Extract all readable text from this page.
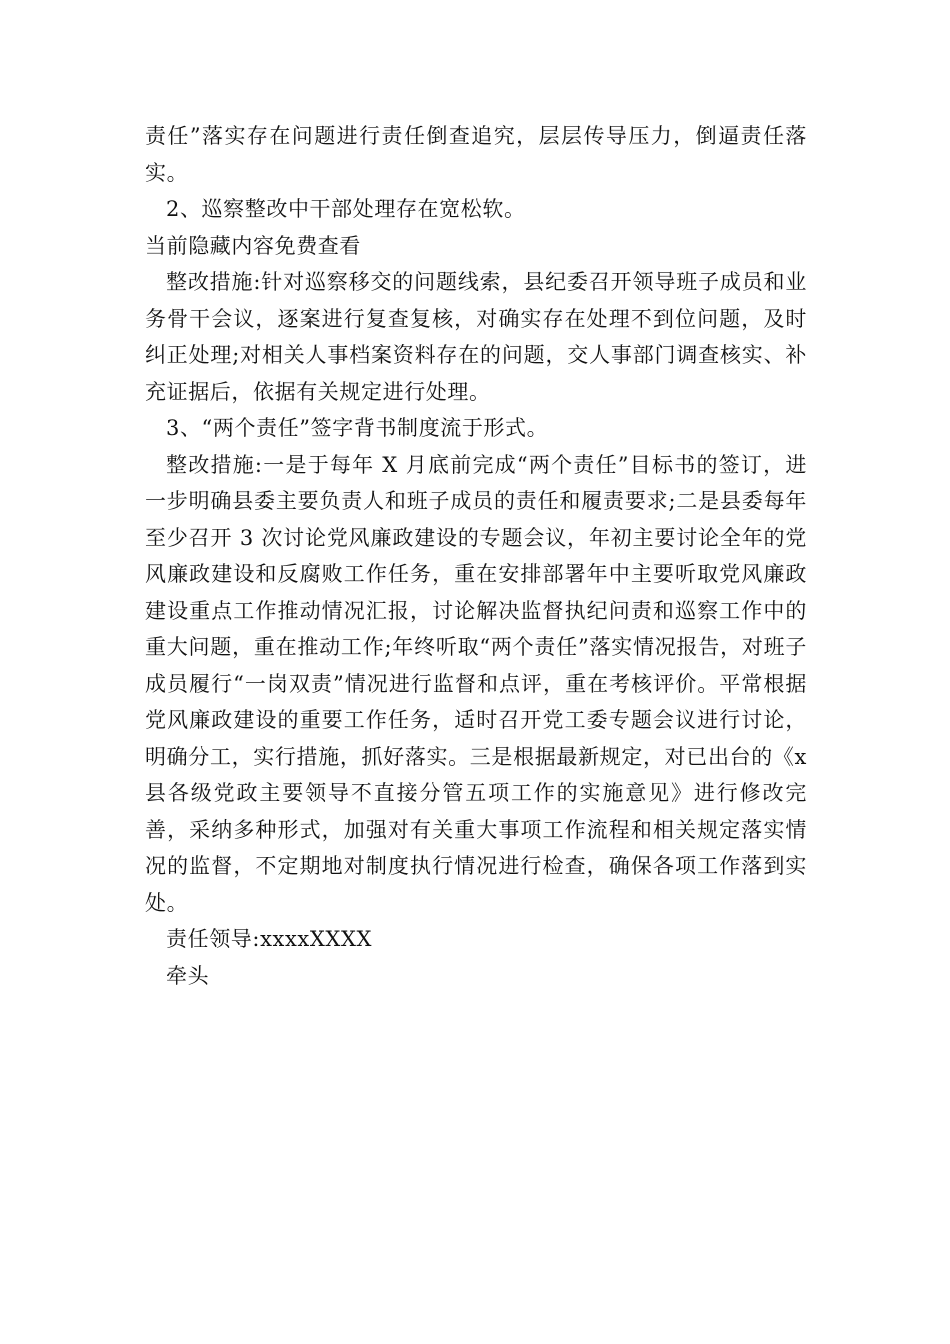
责任”落实存在问题进行责任倒查追究，层层传导压力，倒逼责任落实。

2、巡察整改中干部处理存在宽松软。

当前隐藏内容免费查看

整改措施:针对巡察移交的问题线索，县纪委召开领导班子成员和业务骨干会议，逐案进行复查复核，对确实存在处理不到位问题，及时纠正处理;对相关人事档案资料存在的问题，交人事部门调查核实、补充证据后，依据有关规定进行处理。

3、“两个责任”签字背书制度流于形式。

整改措施:一是于每年 X 月底前完成“两个责任”目标书的签订，进一步明确县委主要负责人和班子成员的责任和履责要求;二是县委每年至少召开 3 次讨论党风廉政建设的专题会议，年初主要讨论全年的党风廉政建设和反腐败工作任务，重在安排部署年中主要听取党风廉政建设重点工作推动情况汇报，讨论解决监督执纪问责和巡察工作中的重大问题，重在推动工作;年终听取“两个责任”落实情况报告，对班子成员履行“一岗双责”情况进行监督和点评，重在考核评价。平常根据党风廉政建设的重要工作任务，适时召开党工委专题会议进行讨论，明确分工，实行措施，抓好落实。三是根据最新规定，对已出台的《x 县各级党政主要领导不直接分管五项工作的实施意见》进行修改完善，采纳多种形式，加强对有关重大事项工作流程和相关规定落实情况的监督，不定期地对制度执行情况进行检查，确保各项工作落到实处。

责任领导:xxxxXXXX

牵头
